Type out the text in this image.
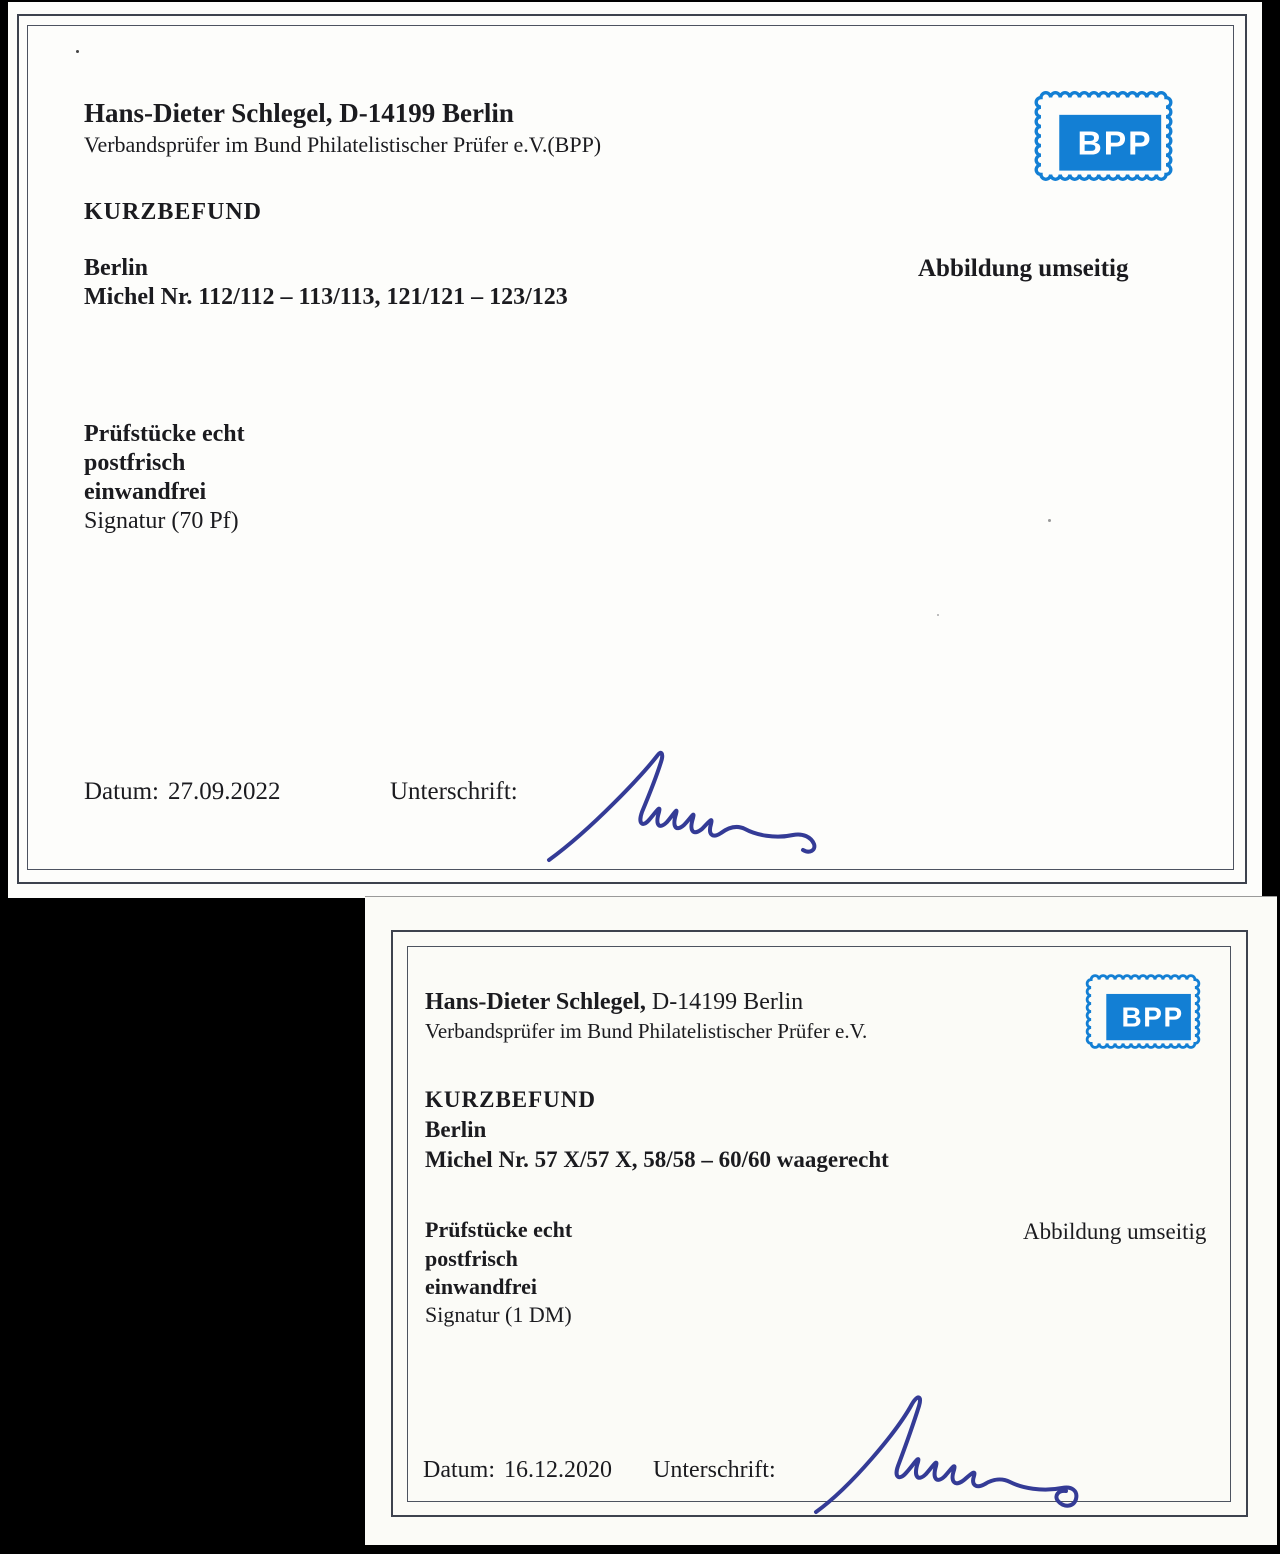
Hans-Dieter Schlegel, D-14199 Berlin
Verbandsprüfer im Bund Philatelistischer Prüfer e.V.(BPP)
KURZBEFUND
Berlin
Michel Nr. 112/112 – 113/113, 121/121 – 123/123
Abbildung umseitig
Prüfstücke echt
postfrisch
einwandfrei
Signatur (70 Pf)
Datum: 27.09.2022	Unterschrift:
BPP
Hans-Dieter Schlegel, D-14199 Berlin
Verbandsprüfer im Bund Philatelistischer Prüfer e.V.
KURZBEFUND
Berlin
Michel Nr. 57 X/57 X, 58/58 – 60/60 waagerecht
Prüfstücke echt
postfrisch
einwandfrei
Signatur (1 DM)
Abbildung umseitig
Datum: 16.12.2020 Unterschrift:
BPP
